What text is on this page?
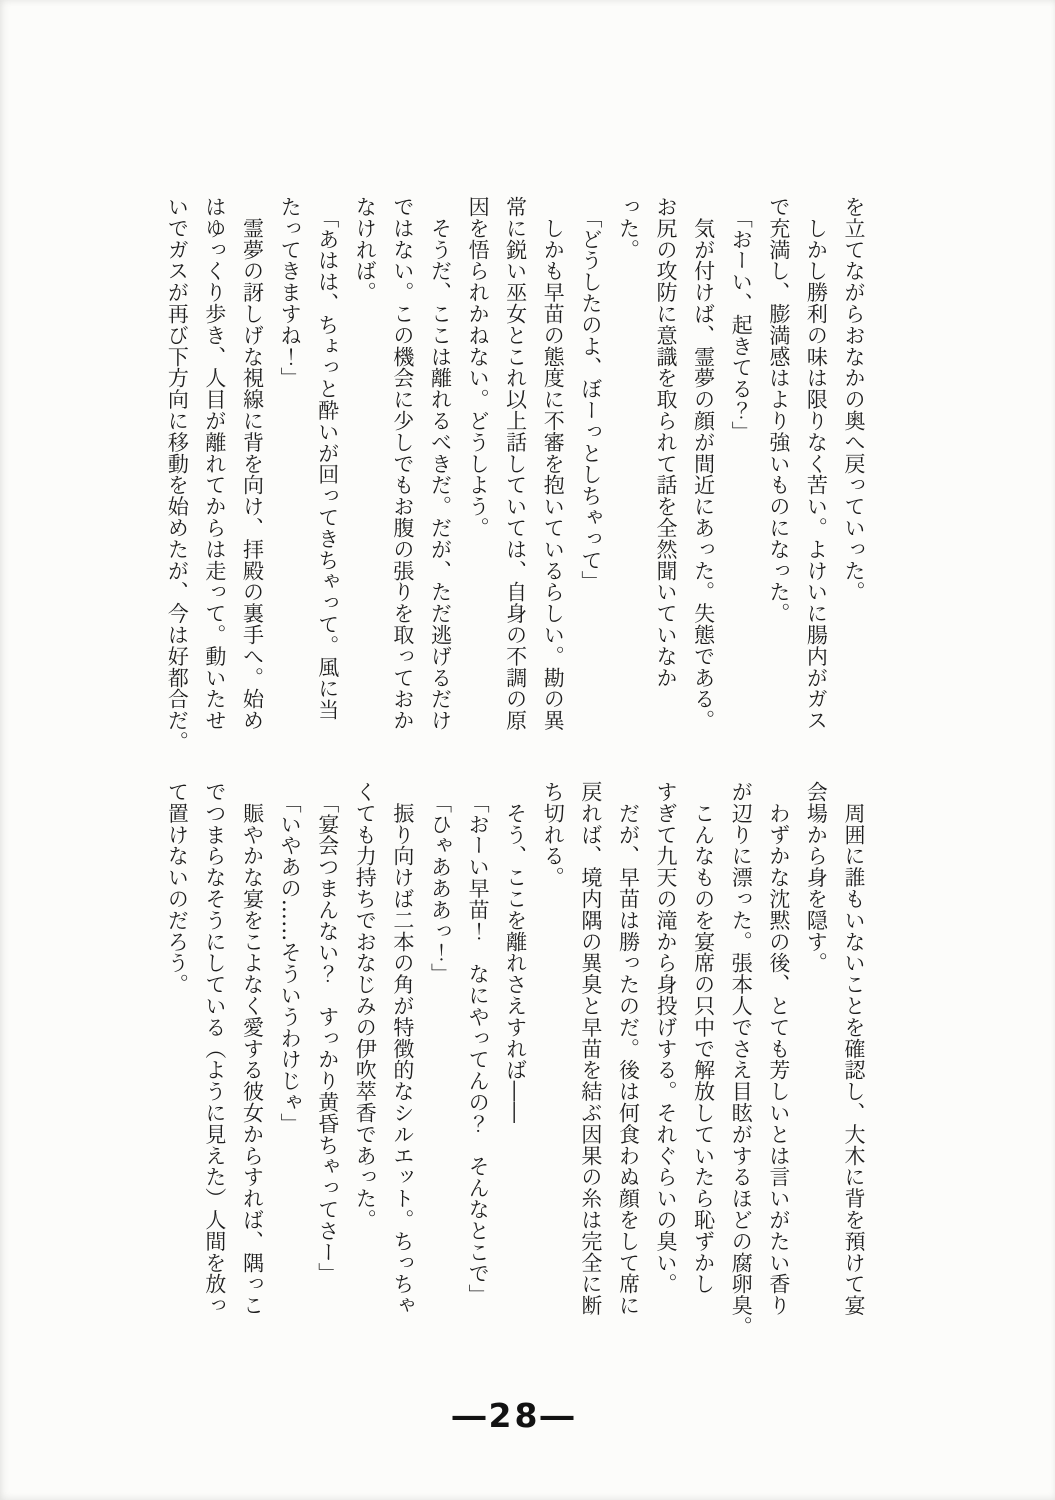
を立てながらおなかの奥へ戻っていった。
　しかし勝利の味は限りなく苦い。よけいに腸内がガス
で充満し、膨満感はより強いものになった。
　「おーい、起きてる？」
　気が付けば、霊夢の顔が間近にあった。失態である。
お尻の攻防に意識を取られて話を全然聞いていなか
った。
　「どうしたのよ、ぼーっとしちゃって」
　しかも早苗の態度に不審を抱いているらしい。勘の異
常に鋭い巫女とこれ以上話していては、自身の不調の原
因を悟られかねない。どうしよう。
　そうだ、ここは離れるべきだ。だが、ただ逃げるだけ
ではない。この機会に少しでもお腹の張りを取っておか
なければ。
　「あはは、ちょっと酔いが回ってきちゃって。風に当
たってきますね！」
　霊夢の訝しげな視線に背を向け、拝殿の裏手へ。始め
はゆっくり歩き、人目が離れてからは走って。動いたせ
いでガスが再び下方向に移動を始めたが、今は好都合だ。
　周囲に誰もいないことを確認し、大木に背を預けて宴
会場から身を隠す。
　わずかな沈黙の後、とても芳しいとは言いがたい香り
が辺りに漂った。張本人でさえ目眩がするほどの腐卵臭。
　こんなものを宴席の只中で解放していたら恥ずかし
すぎて九天の滝から身投げする。それぐらいの臭い。
　だが、早苗は勝ったのだ。後は何食わぬ顔をして席に
戻れば、境内隅の異臭と早苗を結ぶ因果の糸は完全に断
ち切れる。
　そう、ここを離れさえすれば――
　「おーい早苗！　なにやってんの？　そんなとこで」
　「ひゃあああっ！」
　振り向けば二本の角が特徴的なシルエット。ちっちゃ
くても力持ちでおなじみの伊吹萃香であった。
　「宴会つまんない？　すっかり黄昏ちゃってさー」
　「いやあの……そういうわけじゃ」
　賑やかな宴をこよなく愛する彼女からすれば、隅っこ
でつまらなそうにしている（ように見えた）人間を放っ
て置けないのだろう。
―28―
